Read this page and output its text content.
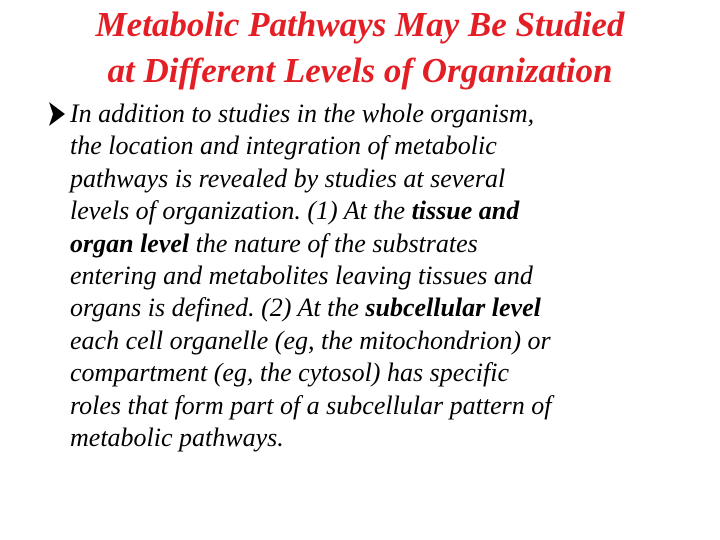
Metabolic Pathways May Be Studied
at Different Levels of Organization
In addition to studies in the whole organism,
the location and integration of metabolic
pathways is revealed by studies at several
levels of organization. (1) At the tissue and
organ level the nature of the substrates
entering and metabolites leaving tissues and
organs is defined. (2) At the subcellular level
each cell organelle (eg, the mitochondrion) or
compartment (eg, the cytosol) has specific
roles that form part of a subcellular pattern of
metabolic pathways.
